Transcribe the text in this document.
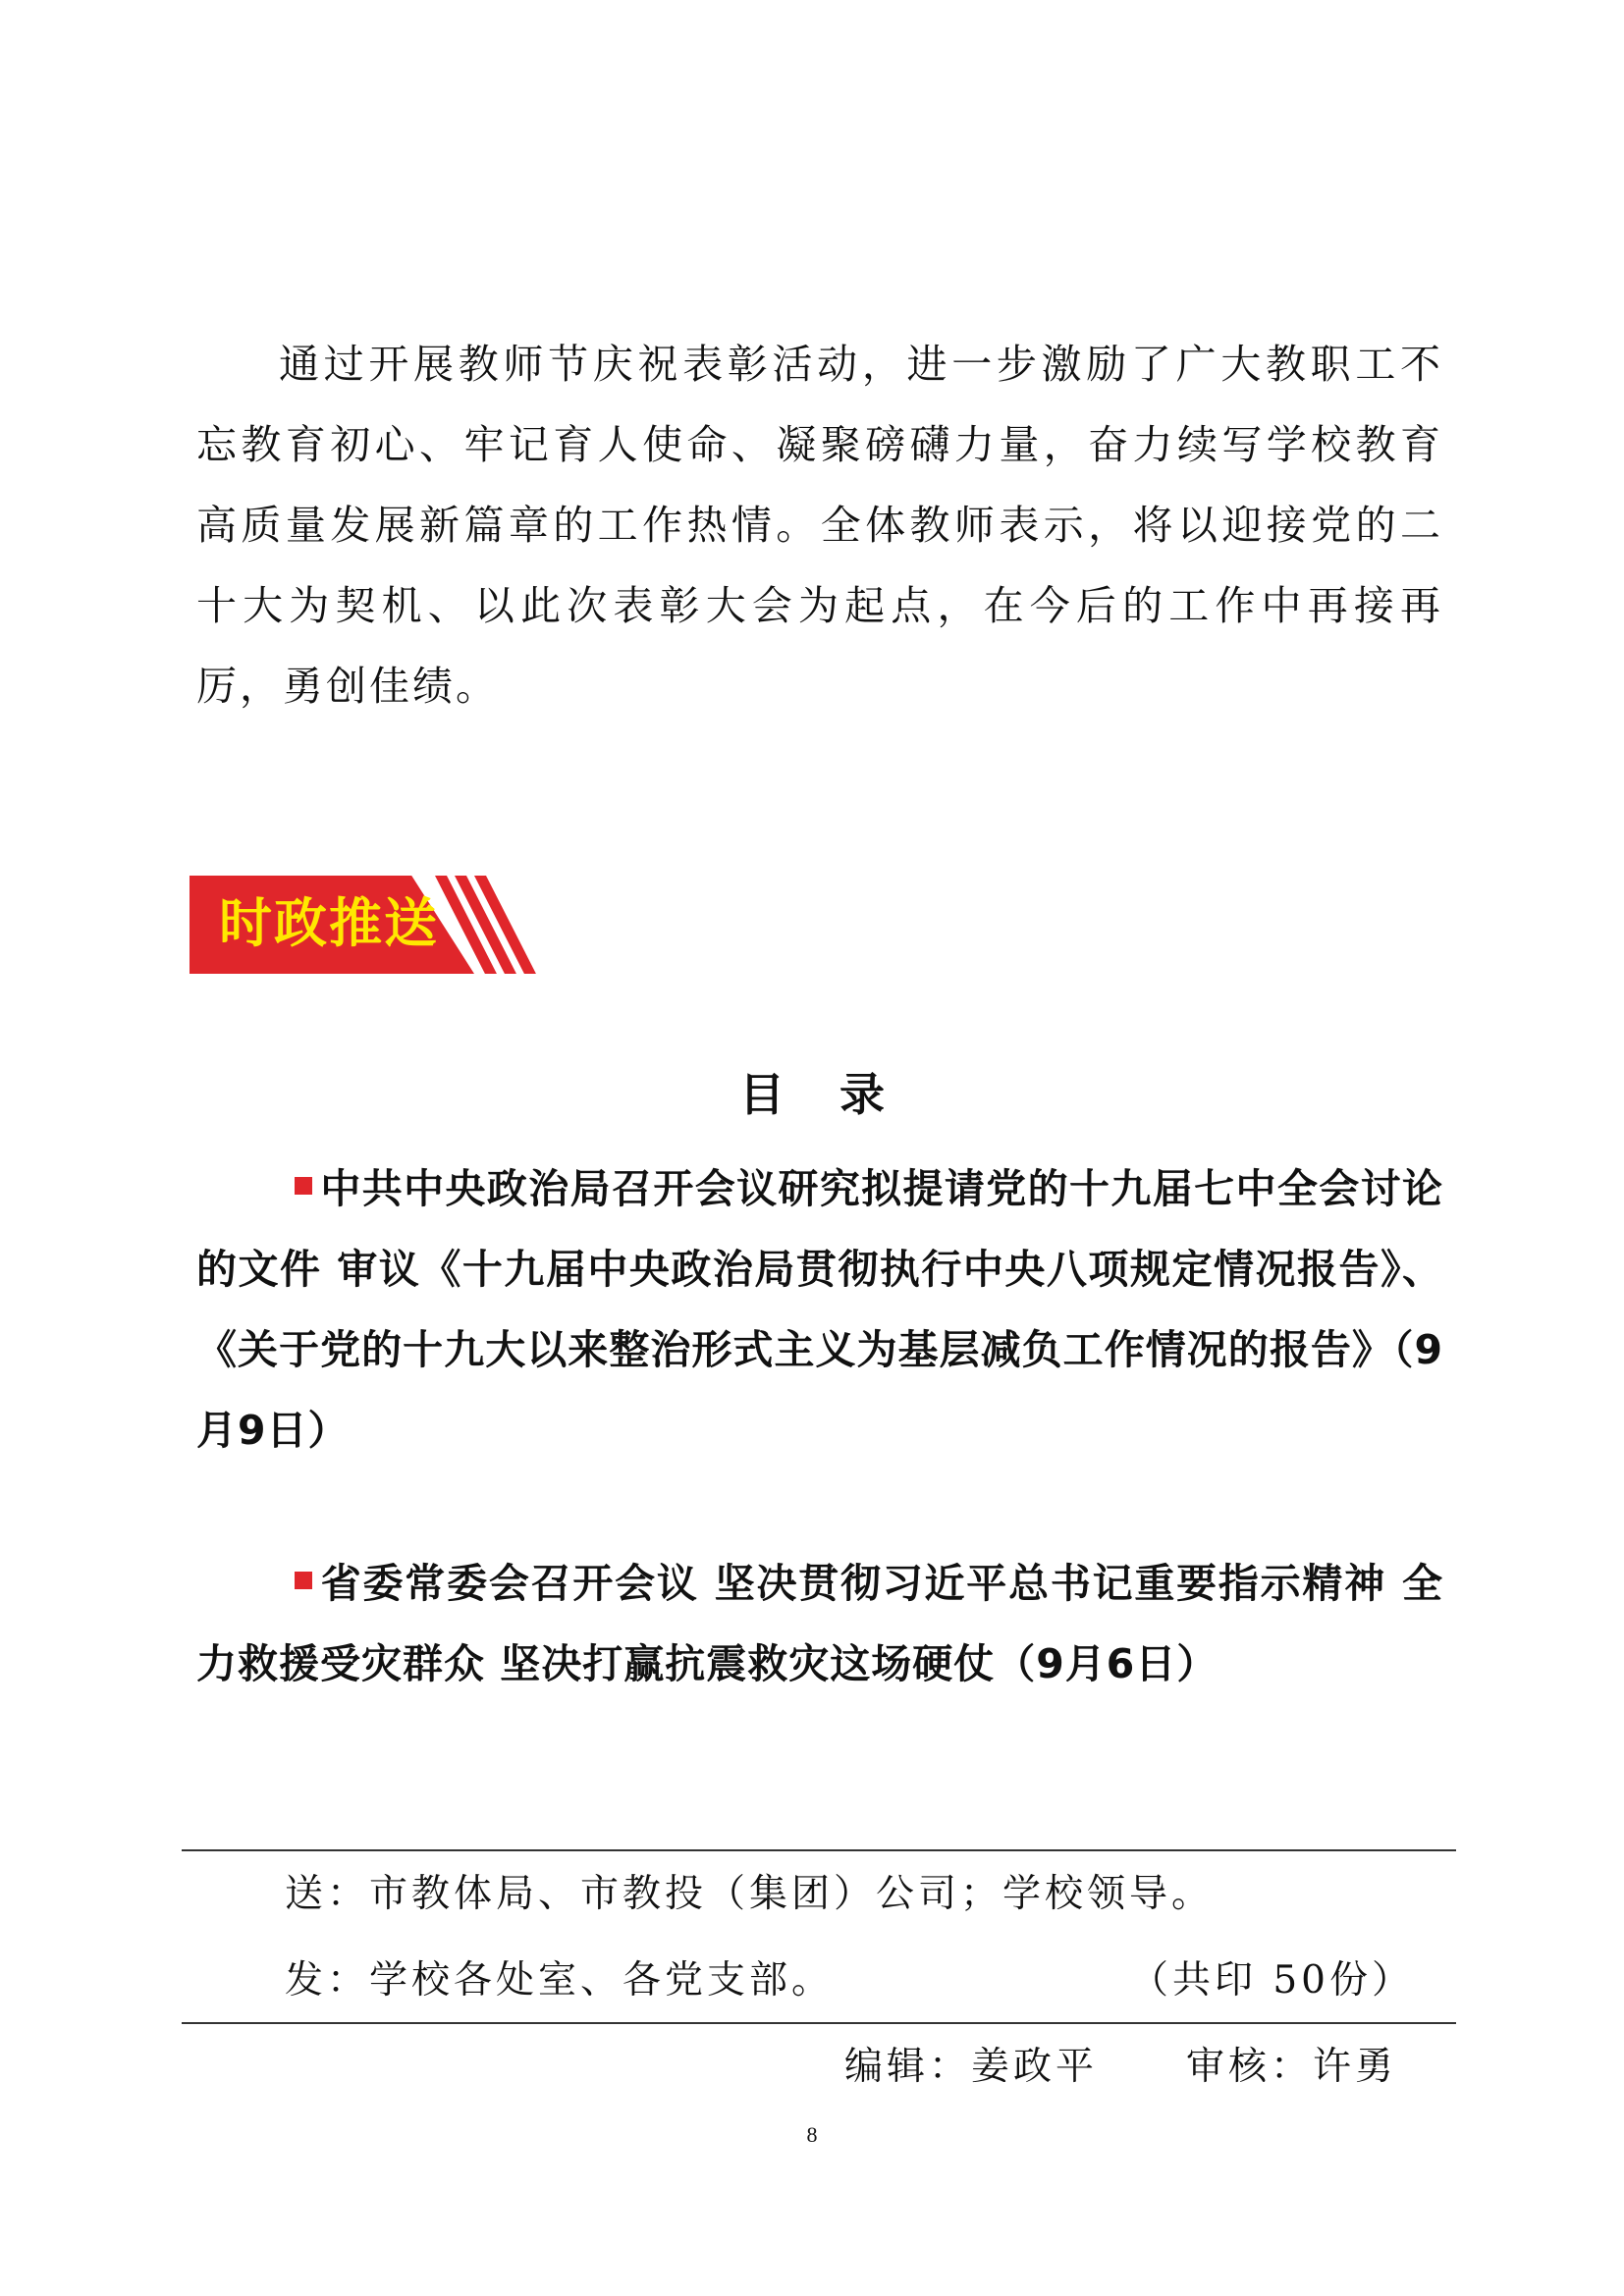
通过开展教师节庆祝表彰活动，进一步激励了广大教职工不忘教育初心、牢记育人使命、凝聚磅礴力量，奋力续写学校教育高质量发展新篇章的工作热情。全体教师表示，将以迎接党的二十大为契机、以此次表彰大会为起点，在今后的工作中再接再厉，勇创佳绩。

时政推送
目 录

中共中央政治局召开会议研究拟提请党的十九届七中全会讨论的文件 审议《十九届中央政治局贯彻执行中央八项规定情况报告》、《关于党的十九大以来整治形式主义为基层减负工作情况的报告》（9月9日）

省委常委会召开会议 坚决贯彻习近平总书记重要指示精神 全力救援受灾群众 坚决打赢抗震救灾这场硬仗（9月6日）

送：市教体局、市教投（集团）公司；学校领导。
发：学校各处室、各党支部。	（共印 50份）
编辑：姜政平 审核：许勇
8
